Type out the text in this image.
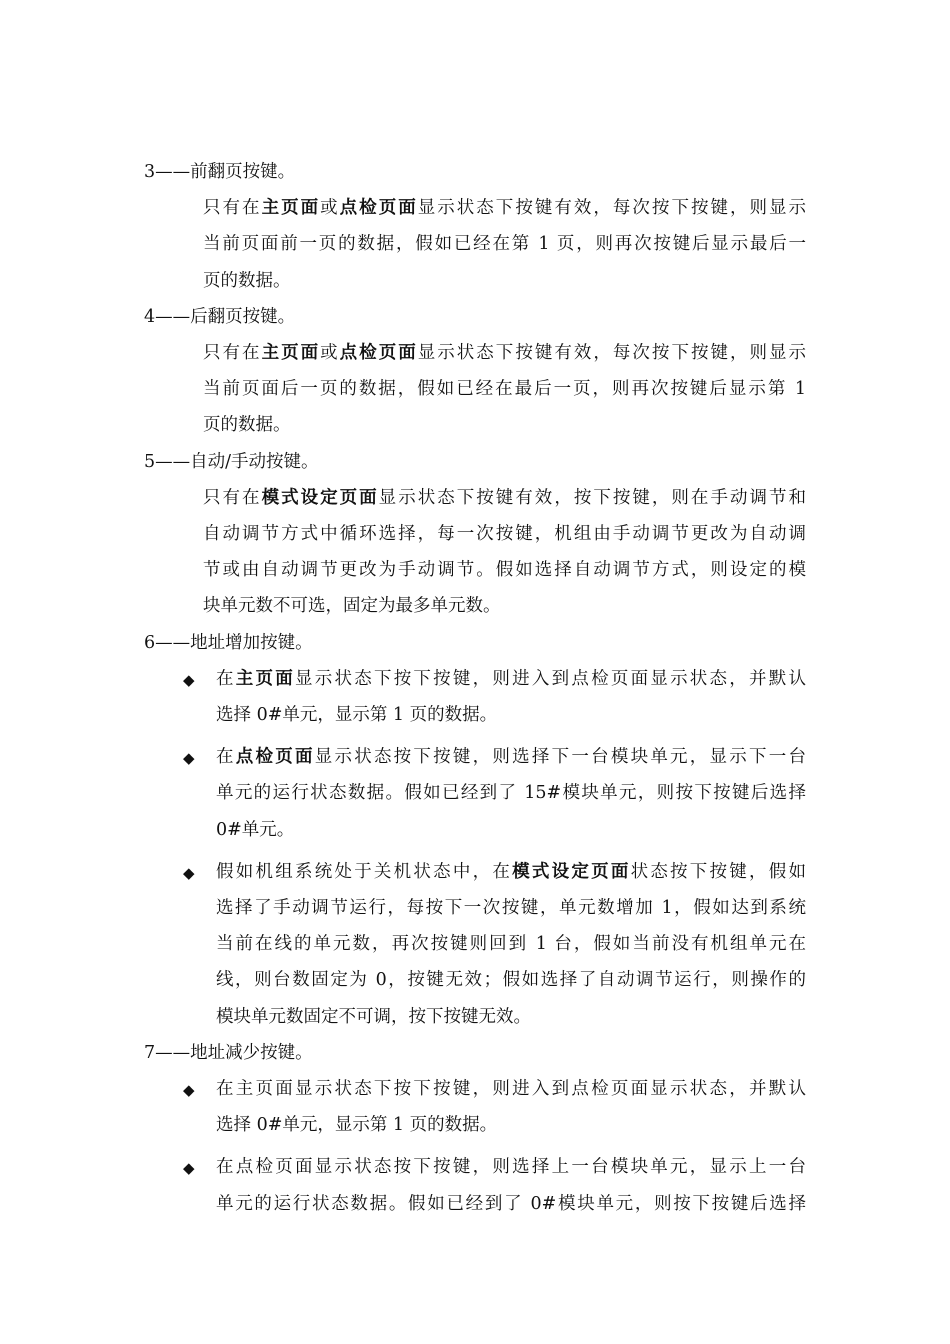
3——前翻页按键。
只有在主页面或点检页面显示状态下按键有效，每次按下按键，则显示
当前页面前一页的数据，假如已经在第 1 页，则再次按键后显示最后一
页的数据。
4——后翻页按键。
只有在主页面或点检页面显示状态下按键有效，每次按下按键，则显示
当前页面后一页的数据，假如已经在最后一页，则再次按键后显示第 1
页的数据。
5——自动/手动按键。
只有在模式设定页面显示状态下按键有效，按下按键，则在手动调节和
自动调节方式中循环选择，每一次按键，机组由手动调节更改为自动调
节或由自动调节更改为手动调节。假如选择自动调节方式，则设定的模
块单元数不可选，固定为最多单元数。
6——地址增加按键。
◆ 在主页面显示状态下按下按键，则进入到点检页面显示状态，并默认
选择 0#单元，显示第 1 页的数据。
◆ 在点检页面显示状态按下按键，则选择下一台模块单元，显示下一台
单元的运行状态数据。假如已经到了 15#模块单元，则按下按键后选择
0#单元。
◆ 假如机组系统处于关机状态中，在模式设定页面状态按下按键，假如
选择了手动调节运行，每按下一次按键，单元数增加 1，假如达到系统
当前在线的单元数，再次按键则回到 1 台，假如当前没有机组单元在
线，则台数固定为 0，按键无效；假如选择了自动调节运行，则操作的
模块单元数固定不可调，按下按键无效。
7——地址减少按键。
◆ 在主页面显示状态下按下按键，则进入到点检页面显示状态，并默认
选择 0#单元，显示第 1 页的数据。
◆ 在点检页面显示状态按下按键，则选择上一台模块单元，显示上一台
单元的运行状态数据。假如已经到了 0#模块单元，则按下按键后选择
